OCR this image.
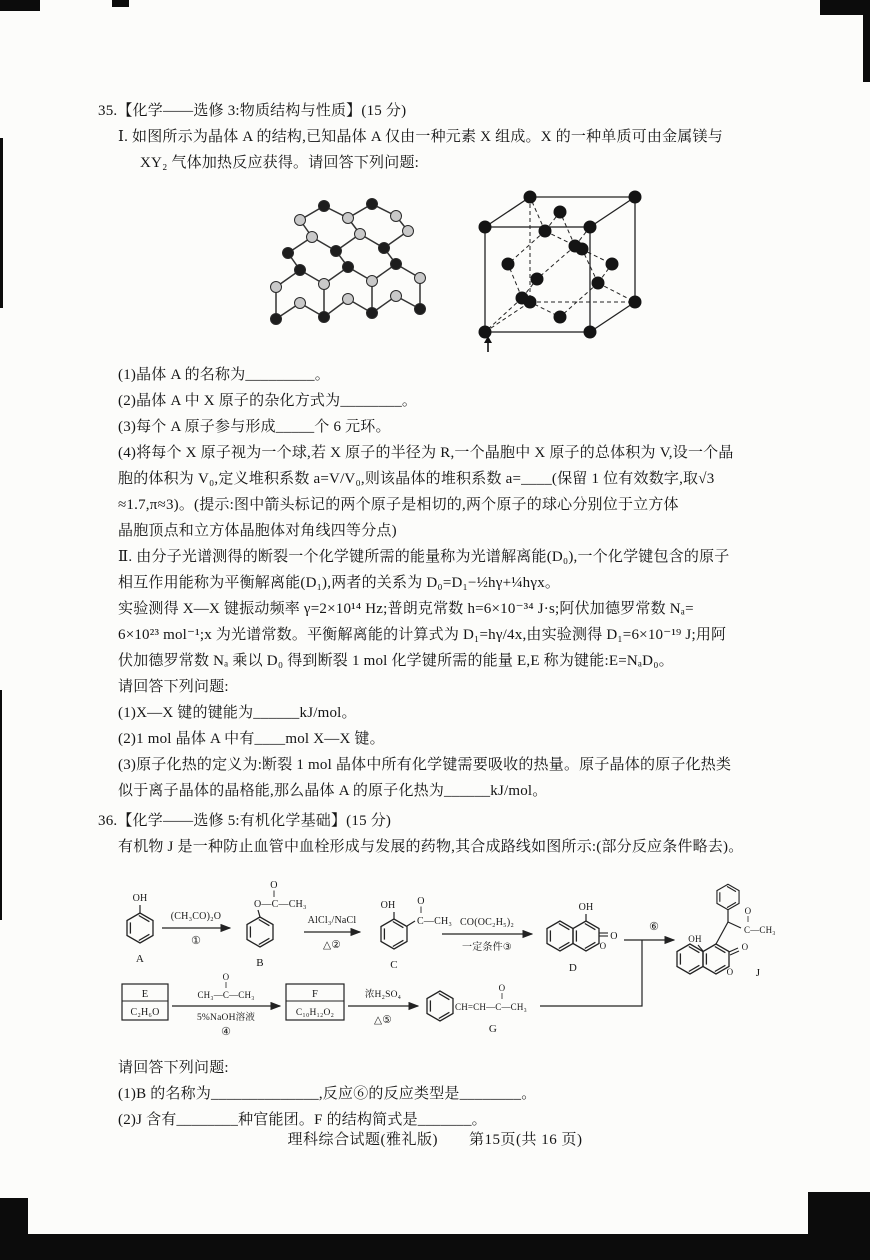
35.【化学——选修 3:物质结构与性质】(15 分)

Ⅰ. 如图所示为晶体 A 的结构,已知晶体 A 仅由一种元素 X 组成。X 的一种单质可由金属镁与

XY₂ 气体加热反应获得。请回答下列问题:

(1)晶体 A 的名称为_________。

(2)晶体 A 中 X 原子的杂化方式为________。

(3)每个 A 原子参与形成_____个 6 元环。

(4)将每个 X 原子视为一个球,若 X 原子的半径为 R,一个晶胞中 X 原子的总体积为 V,设一个晶

胞的体积为 V₀,定义堆积系数 a=V/V₀,则该晶体的堆积系数 a=____(保留 1 位有效数字,取√3

≈1.7,π≈3)。(提示:图中箭头标记的两个原子是相切的,两个原子的球心分别位于立方体

晶胞顶点和立方体晶胞体对角线四等分点)

Ⅱ. 由分子光谱测得的断裂一个化学键所需的能量称为光谱解离能(D₀),一个化学键包含的原子

相互作用能称为平衡解离能(D₁),两者的关系为 D₀=D₁−½hγ+¼hγx。

实验测得 X—X 键振动频率 γ=2×10¹⁴ Hz;普朗克常数 h=6×10⁻³⁴ J·s;阿伏加德罗常数 Nₐ=

6×10²³ mol⁻¹;x 为光谱常数。平衡解离能的计算式为 D₁=hγ/4x,由实验测得 D₁=6×10⁻¹⁹ J;用阿

伏加德罗常数 Nₐ 乘以 D₀ 得到断裂 1 mol 化学键所需的能量 E,E 称为键能:E=NₐD₀。

请回答下列问题:

(1)X—X 键的键能为______kJ/mol。

(2)1 mol 晶体 A 中有____mol X—X 键。

(3)原子化热的定义为:断裂 1 mol 晶体中所有化学键需要吸收的热量。原子晶体的原子化热类

似于离子晶体的晶格能,那么晶体 A 的原子化热为______kJ/mol。

36.【化学——选修 5:有机化学基础】(15 分)

有机物 J 是一种防止血管中血栓形成与发展的药物,其合成路线如图所示:(部分反应条件略去)。

OH
A
(CH₃CO)₂O
①
O—C—CH₃
‖
O
B
AlCl₃/NaCl
△②
OH
C—CH₃
‖
O
C
CO(OC₂H₅)₂
一定条件③
OH
O
O
D
⑥	C—CH₃
‖
O
OH
O
O
J
E
C₂H₆O
CH₃—C—CH₃
‖
O
5%NaOH溶液
④
F
C₁₀H₁₂O₂
浓H₂SO₄
△⑤
CH=CH—C—CH₃
‖
O
G

请回答下列问题:

(1)B 的名称为______________,反应⑥的反应类型是________。

(2)J 含有________种官能团。F 的结构简式是_______。

理科综合试题(雅礼版)　　第15页(共 16 页)
